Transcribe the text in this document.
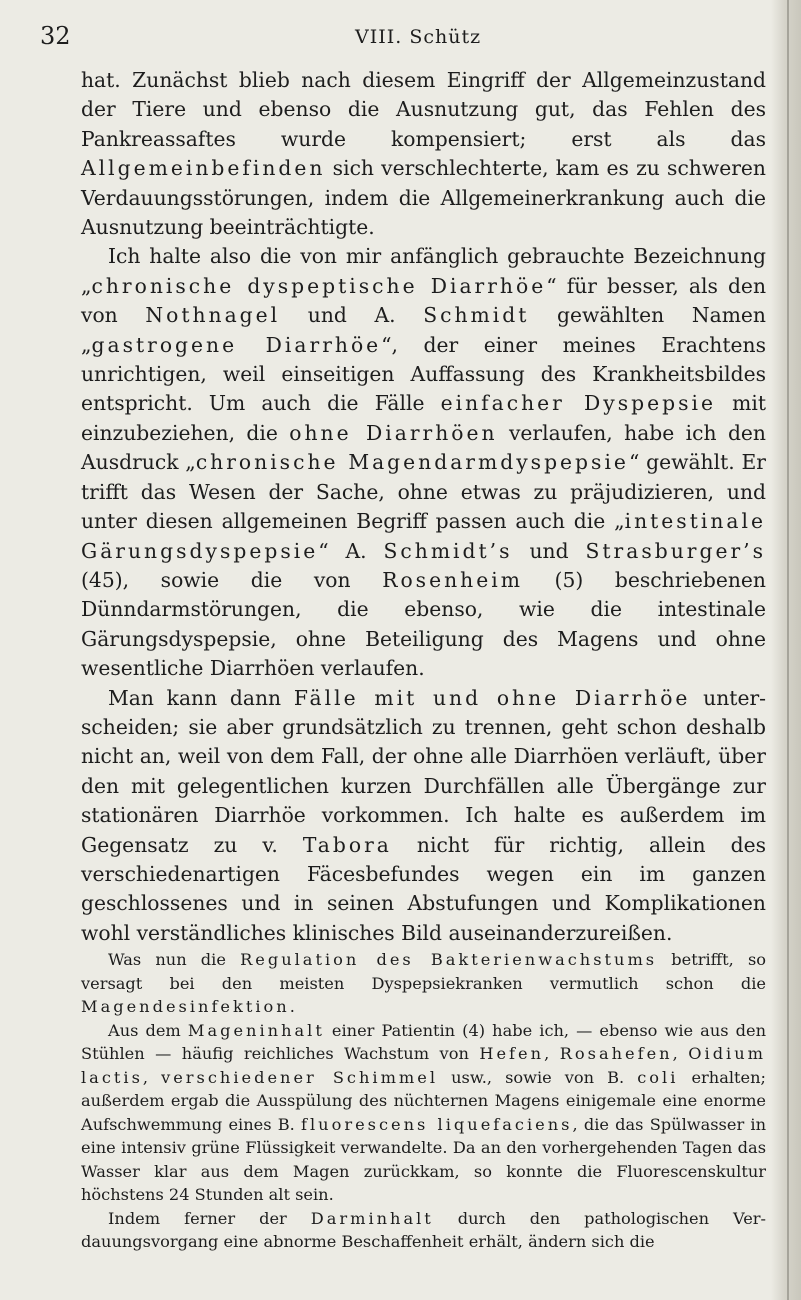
32	VIII. Schütz

hat. Zunächst blieb nach diesem Eingriff der Allgemeinzustand der Tiere und ebenso die Ausnutzung gut, das Fehlen des Pankreassaftes wurde kompensiert; erst als das Allgemeinbefinden sich verschlechterte, kam es zu schweren Verdauungsstörungen, indem die Allgemeinerkrankung auch die Ausnutzung beeinträchtigte.

Ich halte also die von mir anfänglich gebrauchte Bezeichnung „chronische dyspeptische Diarrhöe“ für besser, als den von Nothnagel und A. Schmidt gewählten Namen „gastrogene Diarrhöe“, der einer meines Erachtens unrichtigen, weil einseitigen Auffassung des Krankheitsbildes entspricht. Um auch die Fälle einfacher Dyspepsie mit einzubeziehen, die ohne Diarrhöen verlaufen, habe ich den Ausdruck „chronische Magendarmdyspepsie“ gewählt. Er trifft das Wesen der Sache, ohne etwas zu präjudizieren, und unter diesen allgemeinen Begriff passen auch die „intestinale Gärungsdyspepsie“ A. Schmidt’s und Strasburger’s (45), sowie die von Rosenheim (5) beschriebenen Dünndarmstörungen, die ebenso, wie die intestinale Gärungsdyspepsie, ohne Beteiligung des Magens und ohne wesentliche Diarrhöen verlaufen.

Man kann dann Fälle mit und ohne Diarrhöe unterscheiden; sie aber grundsätzlich zu trennen, geht schon deshalb nicht an, weil von dem Fall, der ohne alle Diarrhöen verläuft, über den mit gelegentlichen kurzen Durchfällen alle Übergänge zur stationären Diarrhöe vorkommen. Ich halte es außerdem im Gegensatz zu v. Tabora nicht für richtig, allein des verschiedenartigen Fäcesbefundes wegen ein im ganzen geschlossenes und in seinen Abstufungen und Komplikationen wohl verständliches klinisches Bild auseinanderzureißen.

Was nun die Regulation des Bakterienwachstums betrifft, so versagt bei den meisten Dyspepsiekranken vermutlich schon die Magendesinfektion.

Aus dem Mageninhalt einer Patientin (4) habe ich, — ebenso wie aus den Stühlen — häufig reichliches Wachstum von Hefen, Rosahefen, Oidium lactis, verschiedener Schimmel usw., sowie von B. coli erhalten; außerdem ergab die Ausspülung des nüchternen Magens einigemale eine enorme Aufschwemmung eines B. fluorescens liquefaciens, die das Spülwasser in eine intensiv grüne Flüssigkeit verwandelte. Da an den vorhergehenden Tagen das Wasser klar aus dem Magen zurückkam, so konnte die Fluorescenskultur höchstens 24 Stunden alt sein.

Indem ferner der Darminhalt durch den pathologischen Verdauungsvorgang eine abnorme Beschaffenheit erhält, ändern sich die
